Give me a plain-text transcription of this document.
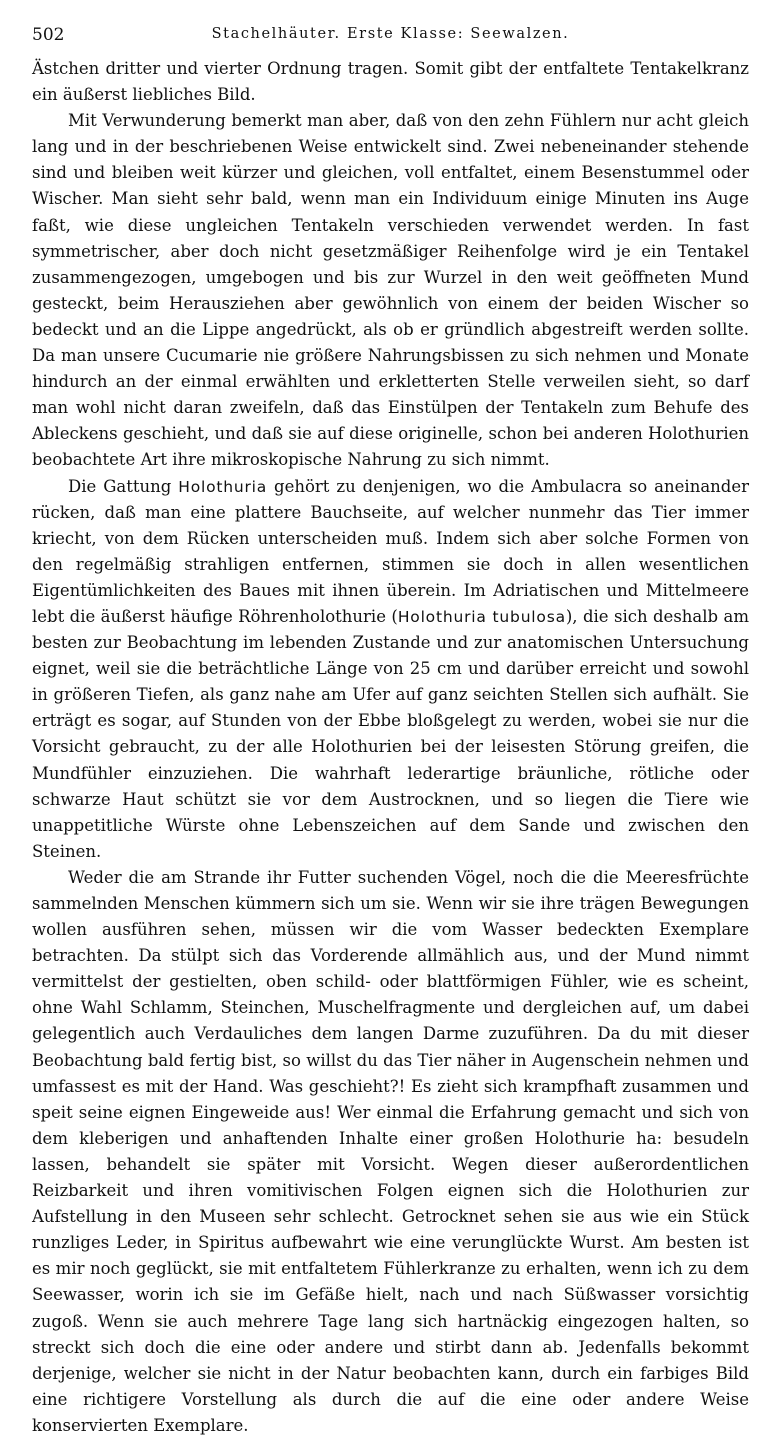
502	Stachelhäuter. Erste Klasse: Seewalzen.

Ästchen dritter und vierter Ordnung tragen. Somit gibt der entfaltete Tentakelkranz ein äußerst liebliches Bild.

Mit Verwunderung bemerkt man aber, daß von den zehn Fühlern nur acht gleich lang und in der beschriebenen Weise entwickelt sind. Zwei nebeneinander stehende sind und bleiben weit kürzer und gleichen, voll entfaltet, einem Besenstummel oder Wischer. Man sieht sehr bald, wenn man ein Individuum einige Minuten ins Auge faßt, wie diese ungleichen Tentakeln verschieden verwendet werden. In fast symmetrischer, aber doch nicht gesetzmäßiger Reihenfolge wird je ein Tentakel zusammengezogen, umgebogen und bis zur Wurzel in den weit geöffneten Mund gesteckt, beim Herausziehen aber gewöhnlich von einem der beiden Wischer so bedeckt und an die Lippe angedrückt, als ob er gründlich abgestreift werden sollte. Da man unsere Cucumarie nie größere Nahrungsbissen zu sich nehmen und Monate hindurch an der einmal erwählten und erkletterten Stelle verweilen sieht, so darf man wohl nicht daran zweifeln, daß das Einstülpen der Tentakeln zum Behufe des Ableckens geschieht, und daß sie auf diese originelle, schon bei anderen Holothurien beobachtete Art ihre mikroskopische Nahrung zu sich nimmt.

Die Gattung Holothuria gehört zu denjenigen, wo die Ambulacra so aneinander rücken, daß man eine plattere Bauchseite, auf welcher nunmehr das Tier immer kriecht, von dem Rücken unterscheiden muß. Indem sich aber solche Formen von den regelmäßig strahligen entfernen, stimmen sie doch in allen wesentlichen Eigentümlichkeiten des Baues mit ihnen überein. Im Adriatischen und Mittelmeere lebt die äußerst häufige Röhrenholothurie (Holothuria tubulosa), die sich deshalb am besten zur Beobachtung im lebenden Zustande und zur anatomischen Untersuchung eignet, weil sie die beträchtliche Länge von 25 cm und darüber erreicht und sowohl in größeren Tiefen, als ganz nahe am Ufer auf ganz seichten Stellen sich aufhält. Sie erträgt es sogar, auf Stunden von der Ebbe bloßgelegt zu werden, wobei sie nur die Vorsicht gebraucht, zu der alle Holothurien bei der leisesten Störung greifen, die Mundfühler einzuziehen. Die wahrhaft lederartige bräunliche, rötliche oder schwarze Haut schützt sie vor dem Austrocknen, und so liegen die Tiere wie unappetitliche Würste ohne Lebenszeichen auf dem Sande und zwischen den Steinen.

Weder die am Strande ihr Futter suchenden Vögel, noch die die Meeresfrüchte sammelnden Menschen kümmern sich um sie. Wenn wir sie ihre trägen Bewegungen wollen ausführen sehen, müssen wir die vom Wasser bedeckten Exemplare betrachten. Da stülpt sich das Vorderende allmählich aus, und der Mund nimmt vermittelst der gestielten, oben schild- oder blattförmigen Fühler, wie es scheint, ohne Wahl Schlamm, Steinchen, Muschelfragmente und dergleichen auf, um dabei gelegentlich auch Verdauliches dem langen Darme zuzuführen. Da du mit dieser Beobachtung bald fertig bist, so willst du das Tier näher in Augenschein nehmen und umfassest es mit der Hand. Was geschieht?! Es zieht sich krampfhaft zusammen und speit seine eignen Eingeweide aus! Wer einmal die Erfahrung gemacht und sich von dem kleberigen und anhaftenden Inhalte einer großen Holothurie ha: besudeln lassen, behandelt sie später mit Vorsicht. Wegen dieser außerordentlichen Reizbarkeit und ihren vomitivischen Folgen eignen sich die Holothurien zur Aufstellung in den Museen sehr schlecht. Getrocknet sehen sie aus wie ein Stück runzliges Leder, in Spiritus aufbewahrt wie eine verunglückte Wurst. Am besten ist es mir noch geglückt, sie mit entfaltetem Fühlerkranze zu erhalten, wenn ich zu dem Seewasser, worin ich sie im Gefäße hielt, nach und nach Süßwasser vorsichtig zugoß. Wenn sie auch mehrere Tage lang sich hartnäckig eingezogen halten, so streckt sich doch die eine oder andere und stirbt dann ab. Jedenfalls bekommt derjenige, welcher sie nicht in der Natur beobachten kann, durch ein farbiges Bild eine richtigere Vorstellung als durch die auf die eine oder andere Weise konservierten Exemplare.
